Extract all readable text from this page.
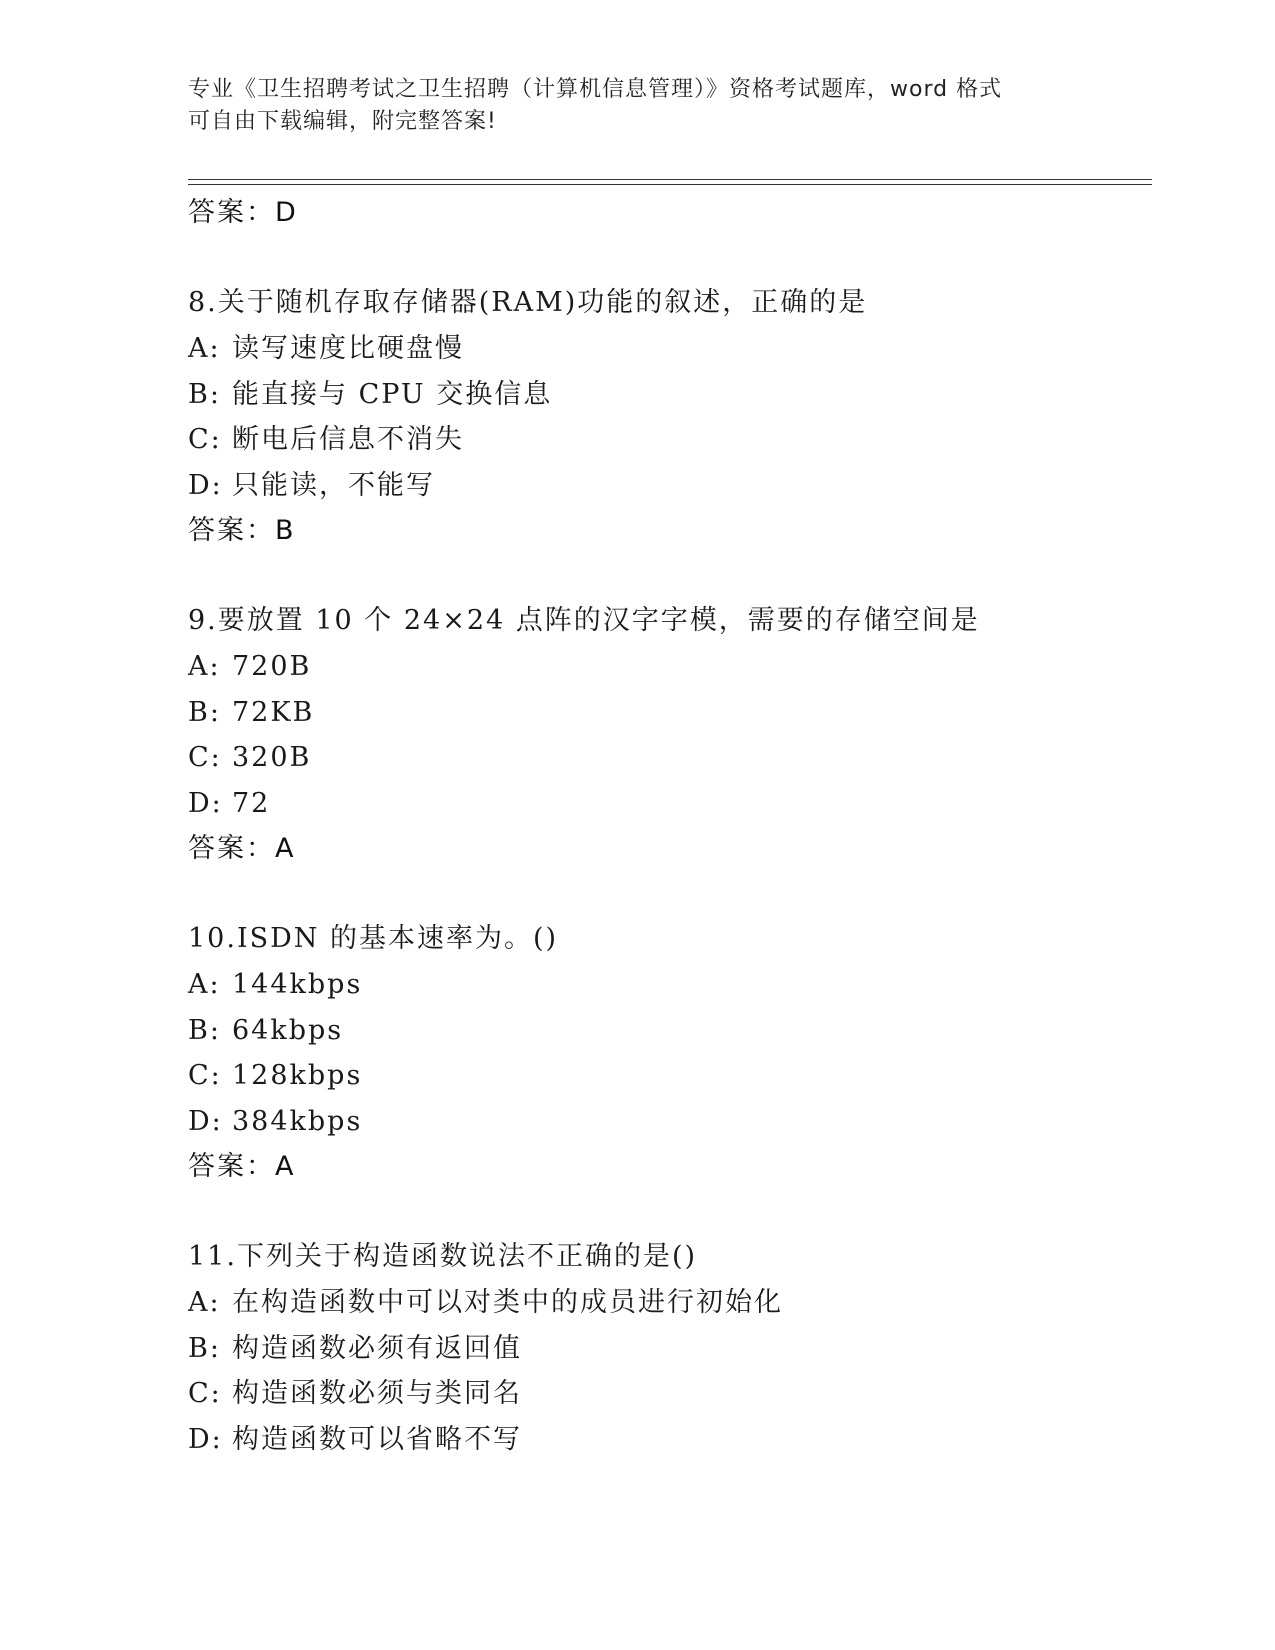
专业《卫生招聘考试之卫生招聘（计算机信息管理）》资格考试题库，word 格式
可自由下载编辑，附完整答案!
答案：D
8.关于随机存取存储器(RAM)功能的叙述，正确的是
A: 读写速度比硬盘慢
B: 能直接与 CPU 交换信息
C: 断电后信息不消失
D: 只能读，不能写
答案：B
9.要放置 10 个 24×24 点阵的汉字字模，需要的存储空间是
A: 720B
B: 72KB
C: 320B
D: 72
答案：A
10.ISDN 的基本速率为。()
A: 144kbps
B: 64kbps
C: 128kbps
D: 384kbps
答案：A
11.下列关于构造函数说法不正确的是()
A: 在构造函数中可以对类中的成员进行初始化
B: 构造函数必须有返回值
C: 构造函数必须与类同名
D: 构造函数可以省略不写
